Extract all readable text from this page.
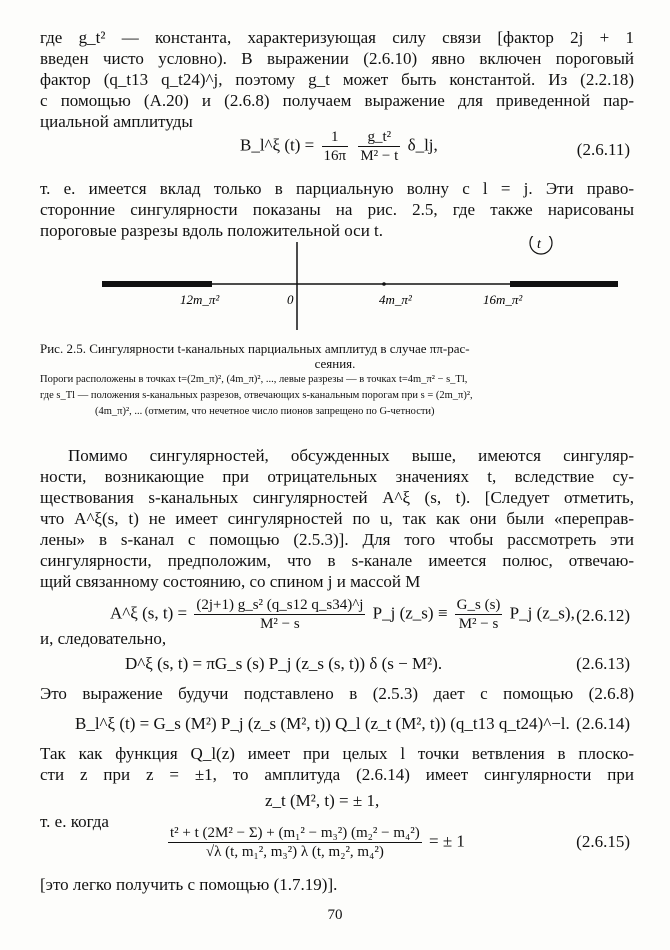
где g_t² — константа, характеризующая силу связи [фактор 2j + 1
введен чисто условно). В выражении (2.6.10) явно включен пороговый
фактор (q_t13 q_t24)^j, поэтому g_t может быть константой. Из (2.2.18)
с помощью (A.20) и (2.6.8) получаем выражение для приведенной пар-
циальной амплитуды
B_l^ξ $(t) = \frac{1}{16\pi}$
$\frac{\text{g\_t²}}{\text{M² − t}}$ δ_lj,	(2.6.11)
т. е. имеется вклад только в парциальную волну с l = j. Эти право-
сторонние сингулярности показаны на рис. 2.5, где также нарисованы
пороговые разрезы вдоль положительной оси t.
t
12m_π²	0	4m_π²	16m_π²
Рис. 2.5. Сингулярности t-канальных парциальных амплитуд в случае ππ-рас-
сеяния.
Пороги расположены в точках t=(2m_π)², (4m_π)², ..., левые разрезы — в точках t=4m_π² − s_Tl,
где s_Tl — положения s-канальных разрезов, отвечающих s-канальным порогам при s = (2m_π)²,
(4m_π)², ... (отметим, что нечетное число пионов запрещено по G-четности)
Помимо сингулярностей, обсужденных выше, имеются сингуляр-
ности, возникающие при отрицательных значениях t, вследствие су-
ществования s-канальных сингулярностей A^ξ (s, t). [Следует отметить,
что A^ξ(s, t) не имеет сингулярностей по u, так как они были «перепрaв-
лены» в s-канал с помощью (2.5.3)]. Для того чтобы рассмотреть эти
сингулярности, предположим, что в s-канале имеется полюс, отвечаю-
щий связанному состоянию, со спином j и массой M
A^ξ (s, $t) = \frac{\text{(2j+1) g\_s² (q\_s12 q\_s34)\textasciicircum{}j}}{\text{M² − s}}$ P_j (z_s) ≡ $\frac{G\_s (s)}{\text{M² − s}}$ P_j (z_s), (2.6.12)
и, следовательно,
D^ξ (s, t) = πG_s (s) P_j (z_s (s, t)) δ (s − M²).	(2.6.13)
Это выражение будучи подставлено в (2.5.3) дает с помощью (2.6.8)
B_l^ξ (t) = G_s (M²) P_j (z_s (M², t)) Q_l (z_t (M², t)) (q_t13 q_t24)^−l. (2.6.14)
Так как функция Q_l(z) имеет при целых l точки ветвления в плоско-
сти z при z = ±1, то амплитуда (2.6.14) имеет сингулярности при
z_t (M², t) = ± 1,
т. е. когда
$\frac{\text{t² + t (2M² − Σ) + (m₁² − m₃²) (m₂² − m₄²)}}{\text{√λ (t, m₁², m₃²) λ (t, m₂², m₄²)}}$ = ± 1	(2.6.15)
[это легко получить с помощью (1.7.19)].
70
